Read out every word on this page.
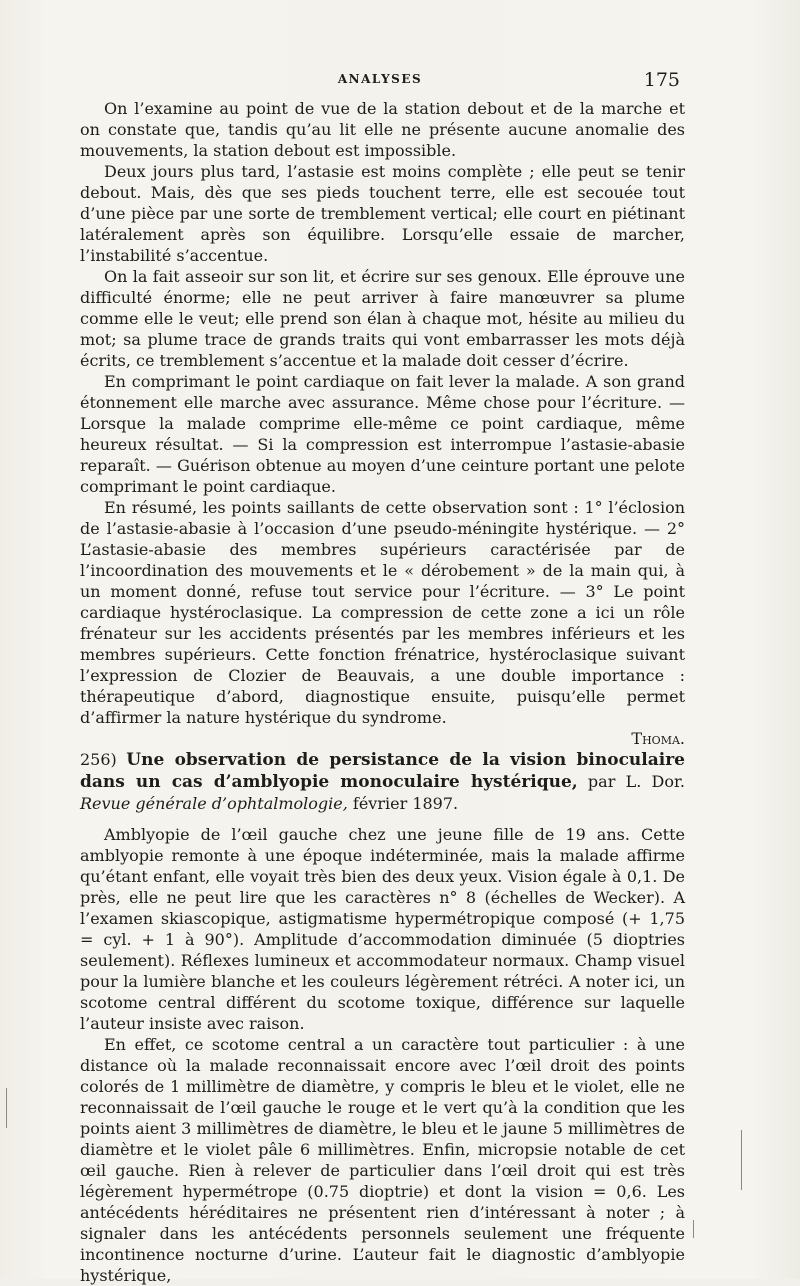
ANALYSES	175

On l’examine au point de vue de la station debout et de la marche et on constate que, tandis qu’au lit elle ne présente aucune anomalie des mouvements, la station debout est impossible.

Deux jours plus tard, l’astasie est moins complète ; elle peut se tenir debout. Mais, dès que ses pieds touchent terre, elle est secouée tout d’une pièce par une sorte de tremblement vertical; elle court en piétinant latéralement après son équilibre. Lorsqu’elle essaie de marcher, l’instabilité s’accentue.

On la fait asseoir sur son lit, et écrire sur ses genoux. Elle éprouve une difficulté énorme; elle ne peut arriver à faire manœuvrer sa plume comme elle le veut; elle prend son élan à chaque mot, hésite au milieu du mot; sa plume trace de grands traits qui vont embarrasser les mots déjà écrits, ce tremblement s’accentue et la malade doit cesser d’écrire.

En comprimant le point cardiaque on fait lever la malade. A son grand étonnement elle marche avec assurance. Même chose pour l’écriture. — Lorsque la malade comprime elle-même ce point cardiaque, même heureux résultat. — Si la compression est interrompue l’astasie-abasie reparaît. — Guérison obtenue au moyen d’une ceinture portant une pelote comprimant le point cardiaque.

En résumé, les points saillants de cette observation sont : 1° l’éclosion de l’astasie-abasie à l’occasion d’une pseudo-méningite hystérique. — 2° L’astasie-abasie des membres supérieurs caractérisée par de l’incoordination des mouvements et le « dérobement » de la main qui, à un moment donné, refuse tout service pour l’écriture. — 3° Le point cardiaque hystéroclasique. La compression de cette zone a ici un rôle frénateur sur les accidents présentés par les membres inférieurs et les membres supérieurs. Cette fonction frénatrice, hystéroclasique suivant l’expression de Clozier de Beauvais, a une double importance : thérapeutique d’abord, diagnostique ensuite, puisqu’elle permet d’affirmer la nature hystérique du syndrome.

Thoma.

256) Une observation de persistance de la vision binoculaire dans un cas d’amblyopie monoculaire hystérique, par L. Dor. Revue générale d’ophtalmologie, février 1897.

Amblyopie de l’œil gauche chez une jeune fille de 19 ans. Cette amblyopie remonte à une époque indéterminée, mais la malade affirme qu’étant enfant, elle voyait très bien des deux yeux. Vision égale à 0,1. De près, elle ne peut lire que les caractères n° 8 (échelles de Wecker). A l’examen skiascopique, astigmatisme hypermétropique composé (+ 1,75 = cyl. + 1 à 90°). Amplitude d’accommodation diminuée (5 dioptries seulement). Réflexes lumineux et accommodateur normaux. Champ visuel pour la lumière blanche et les couleurs légèrement rétréci. A noter ici, un scotome central différent du scotome toxique, différence sur laquelle l’auteur insiste avec raison.

En effet, ce scotome central a un caractère tout particulier : à une distance où la malade reconnaissait encore avec l’œil droit des points colorés de 1 millimètre de diamètre, y compris le bleu et le violet, elle ne reconnaissait de l’œil gauche le rouge et le vert qu’à la condition que les points aient 3 millimètres de diamètre, le bleu et le jaune 5 millimètres de diamètre et le violet pâle 6 millimètres. Enfin, micropsie notable de cet œil gauche. Rien à relever de particulier dans l’œil droit qui est très légèrement hypermétrope (0.75 dioptrie) et dont la vision = 0,6. Les antécédents héréditaires ne présentent rien d’intéressant à noter ; à signaler dans les antécédents personnels seulement une fréquente incontinence nocturne d’urine. L’auteur fait le diagnostic d’amblyopie hystérique,
